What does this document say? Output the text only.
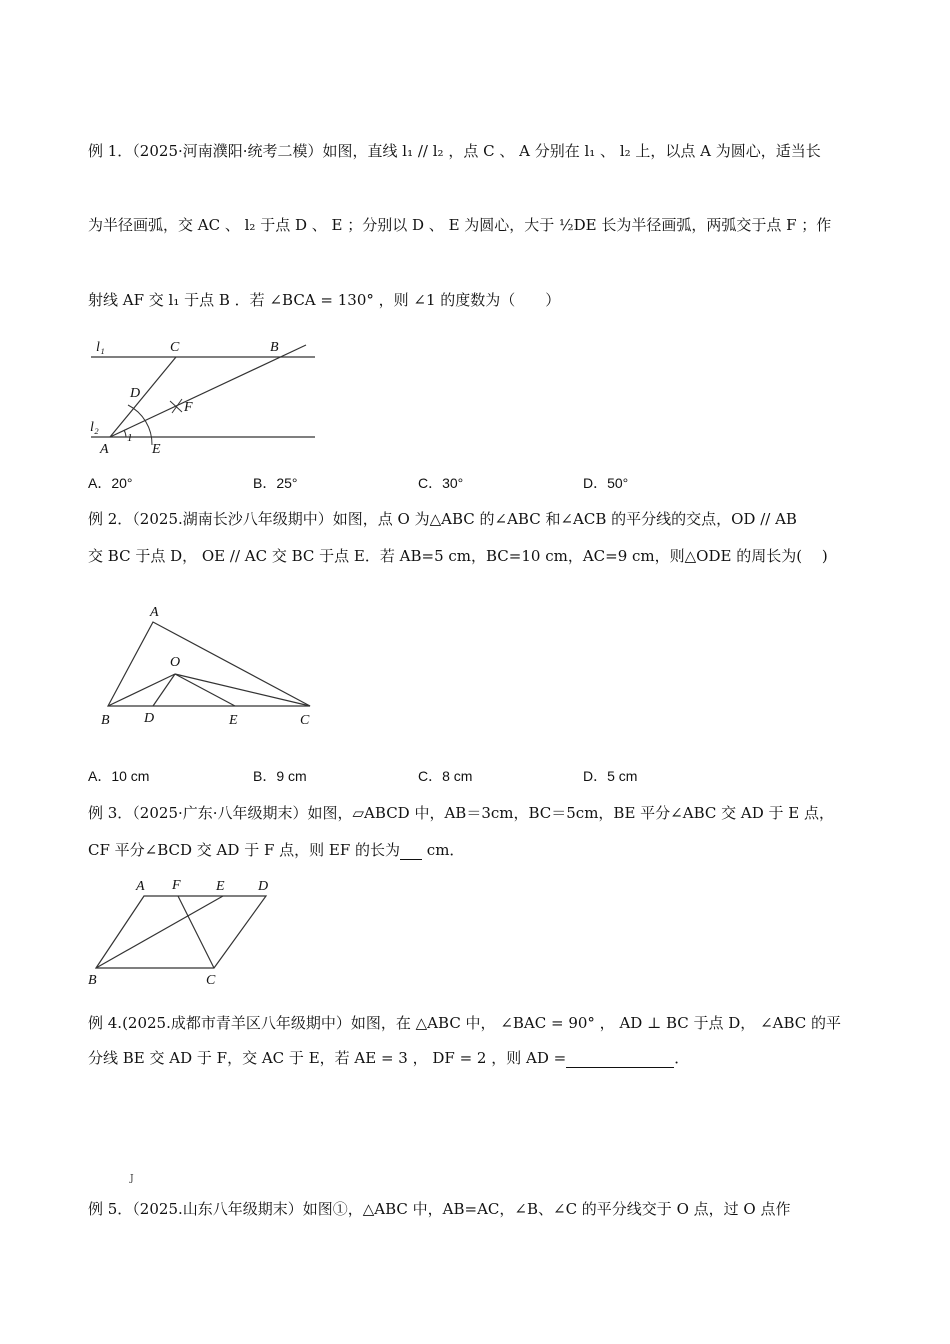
例 1．（2025·河南濮阳·统考二模）如图，直线 l₁ // l₂ ，点 C 、 A 分别在 l₁ 、 l₂ 上，以点 A 为圆心，适当长
为半径画弧，交 AC 、 l₂ 于点 D 、 E ；分别以 D 、 E 为圆心，大于 ½DE 长为半径画弧，两弧交于点 F ；作
射线 AF 交 l₁ 于点 B ．若 ∠BCA = 130° ，则 ∠1 的度数为（　　）
l₁	C	B
D
F
l₂
A	E
1
A．20°	B．25°	C．30°	D．50°
例 2．（2025.湖南长沙八年级期中）如图，点 O 为△ABC 的∠ABC 和∠ACB 的平分线的交点，OD // AB
交 BC 于点 D， OE // AC 交 BC 于点 E．若 AB=5 cm，BC=10 cm，AC=9 cm，则△ODE 的周长为(　 )
A
O
B D	E	C
A．10 cm	B．9 cm	C．8 cm	D．5 cm
例 3．（2025·广东·八年级期末）如图，▱ABCD 中，AB＝3cm，BC＝5cm，BE 平分∠ABC 交 AD 于 E 点，
CF 平分∠BCD 交 AD 于 F 点，则 EF 的长为  cm．
A F	E D
B	C
例 4.(2025.成都市青羊区八年级期中）如图，在 △ABC 中， ∠BAC = 90° ， AD ⊥ BC 于点 D， ∠ABC 的平
分线 BE 交 AD 于 F，交 AC 于 E，若 AE = 3 ， DF = 2 ，则 AD =	．
J
例 5．（2025.山东八年级期末）如图①，△ABC 中，AB=AC，∠B、∠C 的平分线交于 O 点，过 O 点作
